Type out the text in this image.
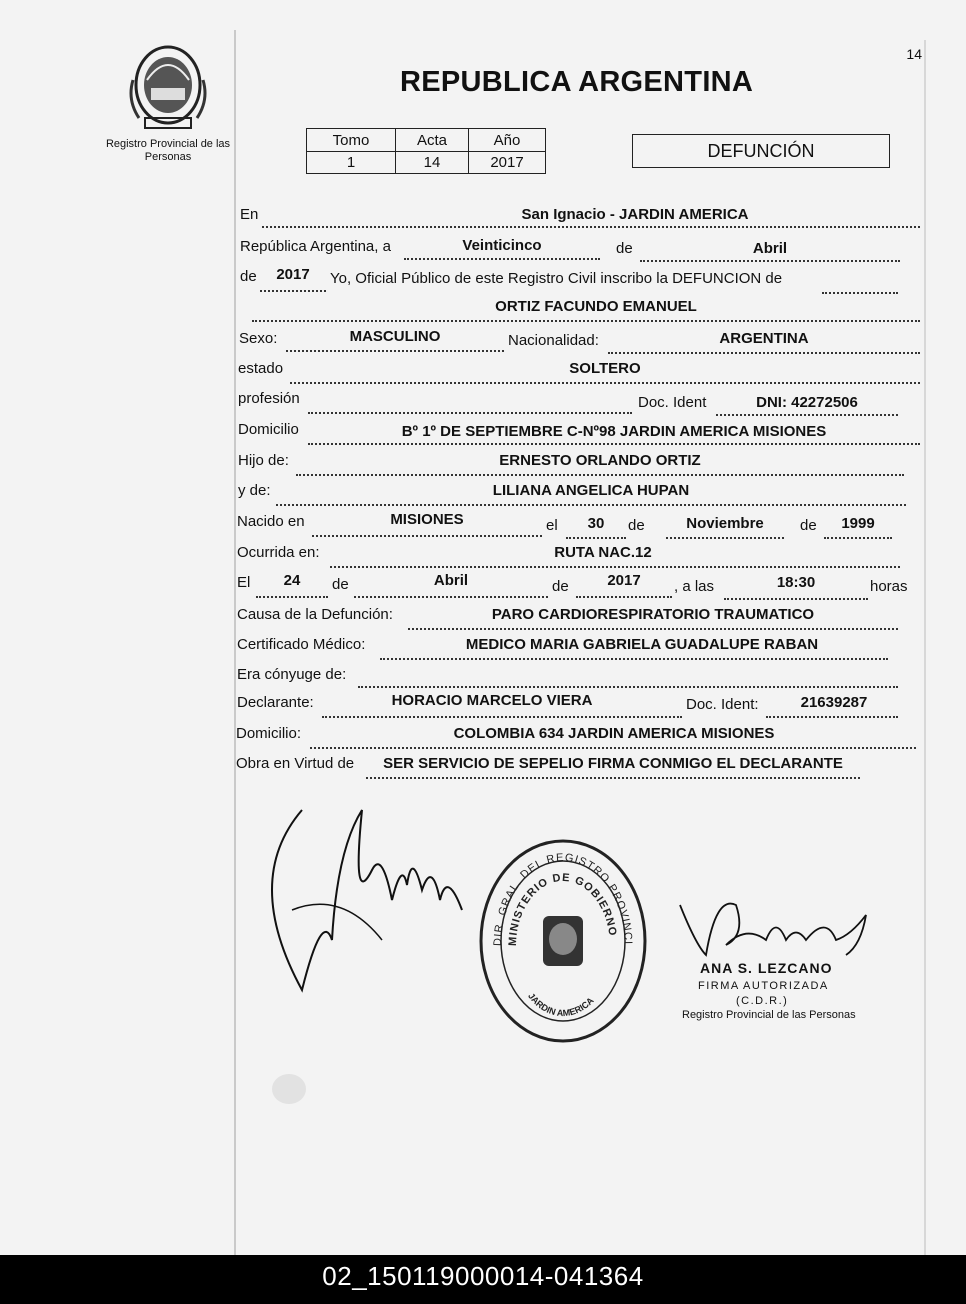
14
Registro Provincial de las Personas
REPUBLICA ARGENTINA
Tomo	Acta	Año
1	14	2017
DEFUNCIÓN
En	San Ignacio - JARDIN AMERICA
República Argentina, a	Veinticinco	de	Abril
de	2017	Yo, Oficial Público de este Registro Civil inscribo la DEFUNCION de
ORTIZ FACUNDO EMANUEL
Sexo:	MASCULINO	Nacionalidad:	ARGENTINA
estado	SOLTERO
profesión	Doc. Ident	DNI: 42272506
Domicilio	Bº 1º DE SEPTIEMBRE C-Nº98 JARDIN AMERICA MISIONES
Hijo de:	ERNESTO ORLANDO ORTIZ
y de:	LILIANA ANGELICA HUPAN
Nacido en	MISIONES	el	30	de	Noviembre	de	1999
Ocurrida en:	RUTA NAC.12
El	24	de	Abril	de	2017	, a las	18:30	horas
Causa de la Defunción:	PARO CARDIORESPIRATORIO TRAUMATICO
Certificado Médico:	MEDICO MARIA GABRIELA GUADALUPE RABAN
Era cónyuge de:
Declarante:	HORACIO MARCELO VIERA	Doc. Ident:	21639287
Domicilio:	COLOMBIA 634 JARDIN AMERICA MISIONES
Obra en Virtud de	SER SERVICIO DE SEPELIO FIRMA CONMIGO EL DECLARANTE
DIR. GRAL. DEL REGISTRO PROVINCI
MINISTERIO DE GOBIERNO
JARDIN AMERICA
ANA S. LEZCANO
FIRMA AUTORIZADA
(C.D.R.)
Registro Provincial de las Personas
02_150119000014-041364
